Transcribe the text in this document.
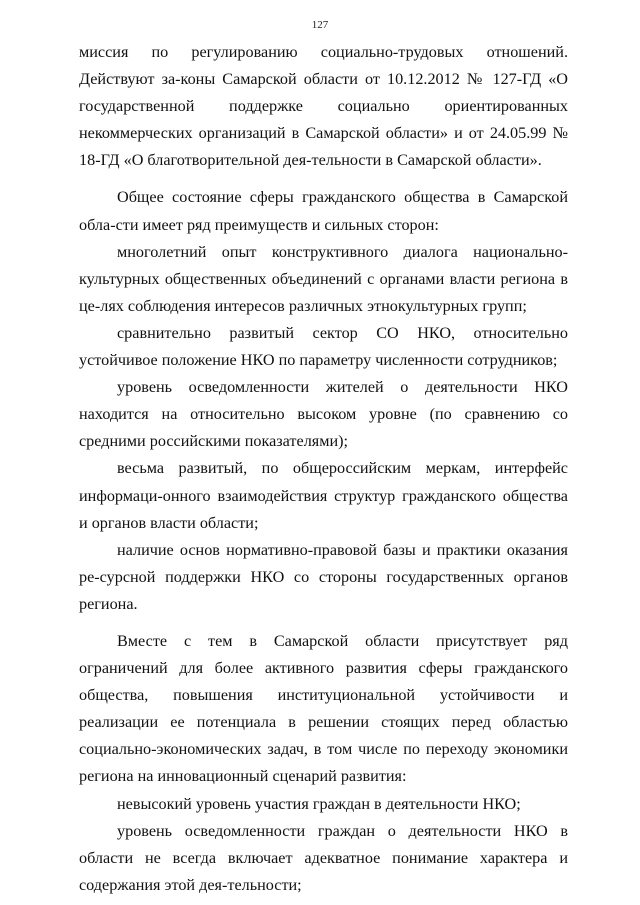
127

миссия по регулированию социально-трудовых отношений. Действуют за-коны Самарской области от 10.12.2012 № 127-ГД «О государственной поддержке социально ориентированных некоммерческих организаций в Самарской области» и от 24.05.99 № 18-ГД «О благотворительной дея-тельности в Самарской области».

Общее состояние сферы гражданского общества в Самарской обла-сти имеет ряд преимуществ и сильных сторон:

многолетний опыт конструктивного диалога национально-культурных общественных объединений с органами власти региона в це-лях соблюдения интересов различных этнокультурных групп;

сравнительно развитый сектор СО НКО, относительно устойчивое положение НКО по параметру численности сотрудников;

уровень осведомленности жителей о деятельности НКО находится на относительно высоком уровне (по сравнению со средними российскими показателями);

весьма развитый, по общероссийским меркам, интерфейс информаци-онного взаимодействия структур гражданского общества и органов власти области;

наличие основ нормативно-правовой базы и практики оказания ре-сурсной поддержки НКО со стороны государственных органов региона.

Вместе с тем в Самарской области присутствует ряд ограничений для более активного развития сферы гражданского общества, повышения институциональной устойчивости и реализации ее потенциала в решении стоящих перед областью социально-экономических задач, в том числе по переходу экономики региона на инновационный сценарий развития:

невысокий уровень участия граждан в деятельности НКО;

уровень осведомленности граждан о деятельности НКО в области не всегда включает адекватное понимание характера и содержания этой дея-тельности;
